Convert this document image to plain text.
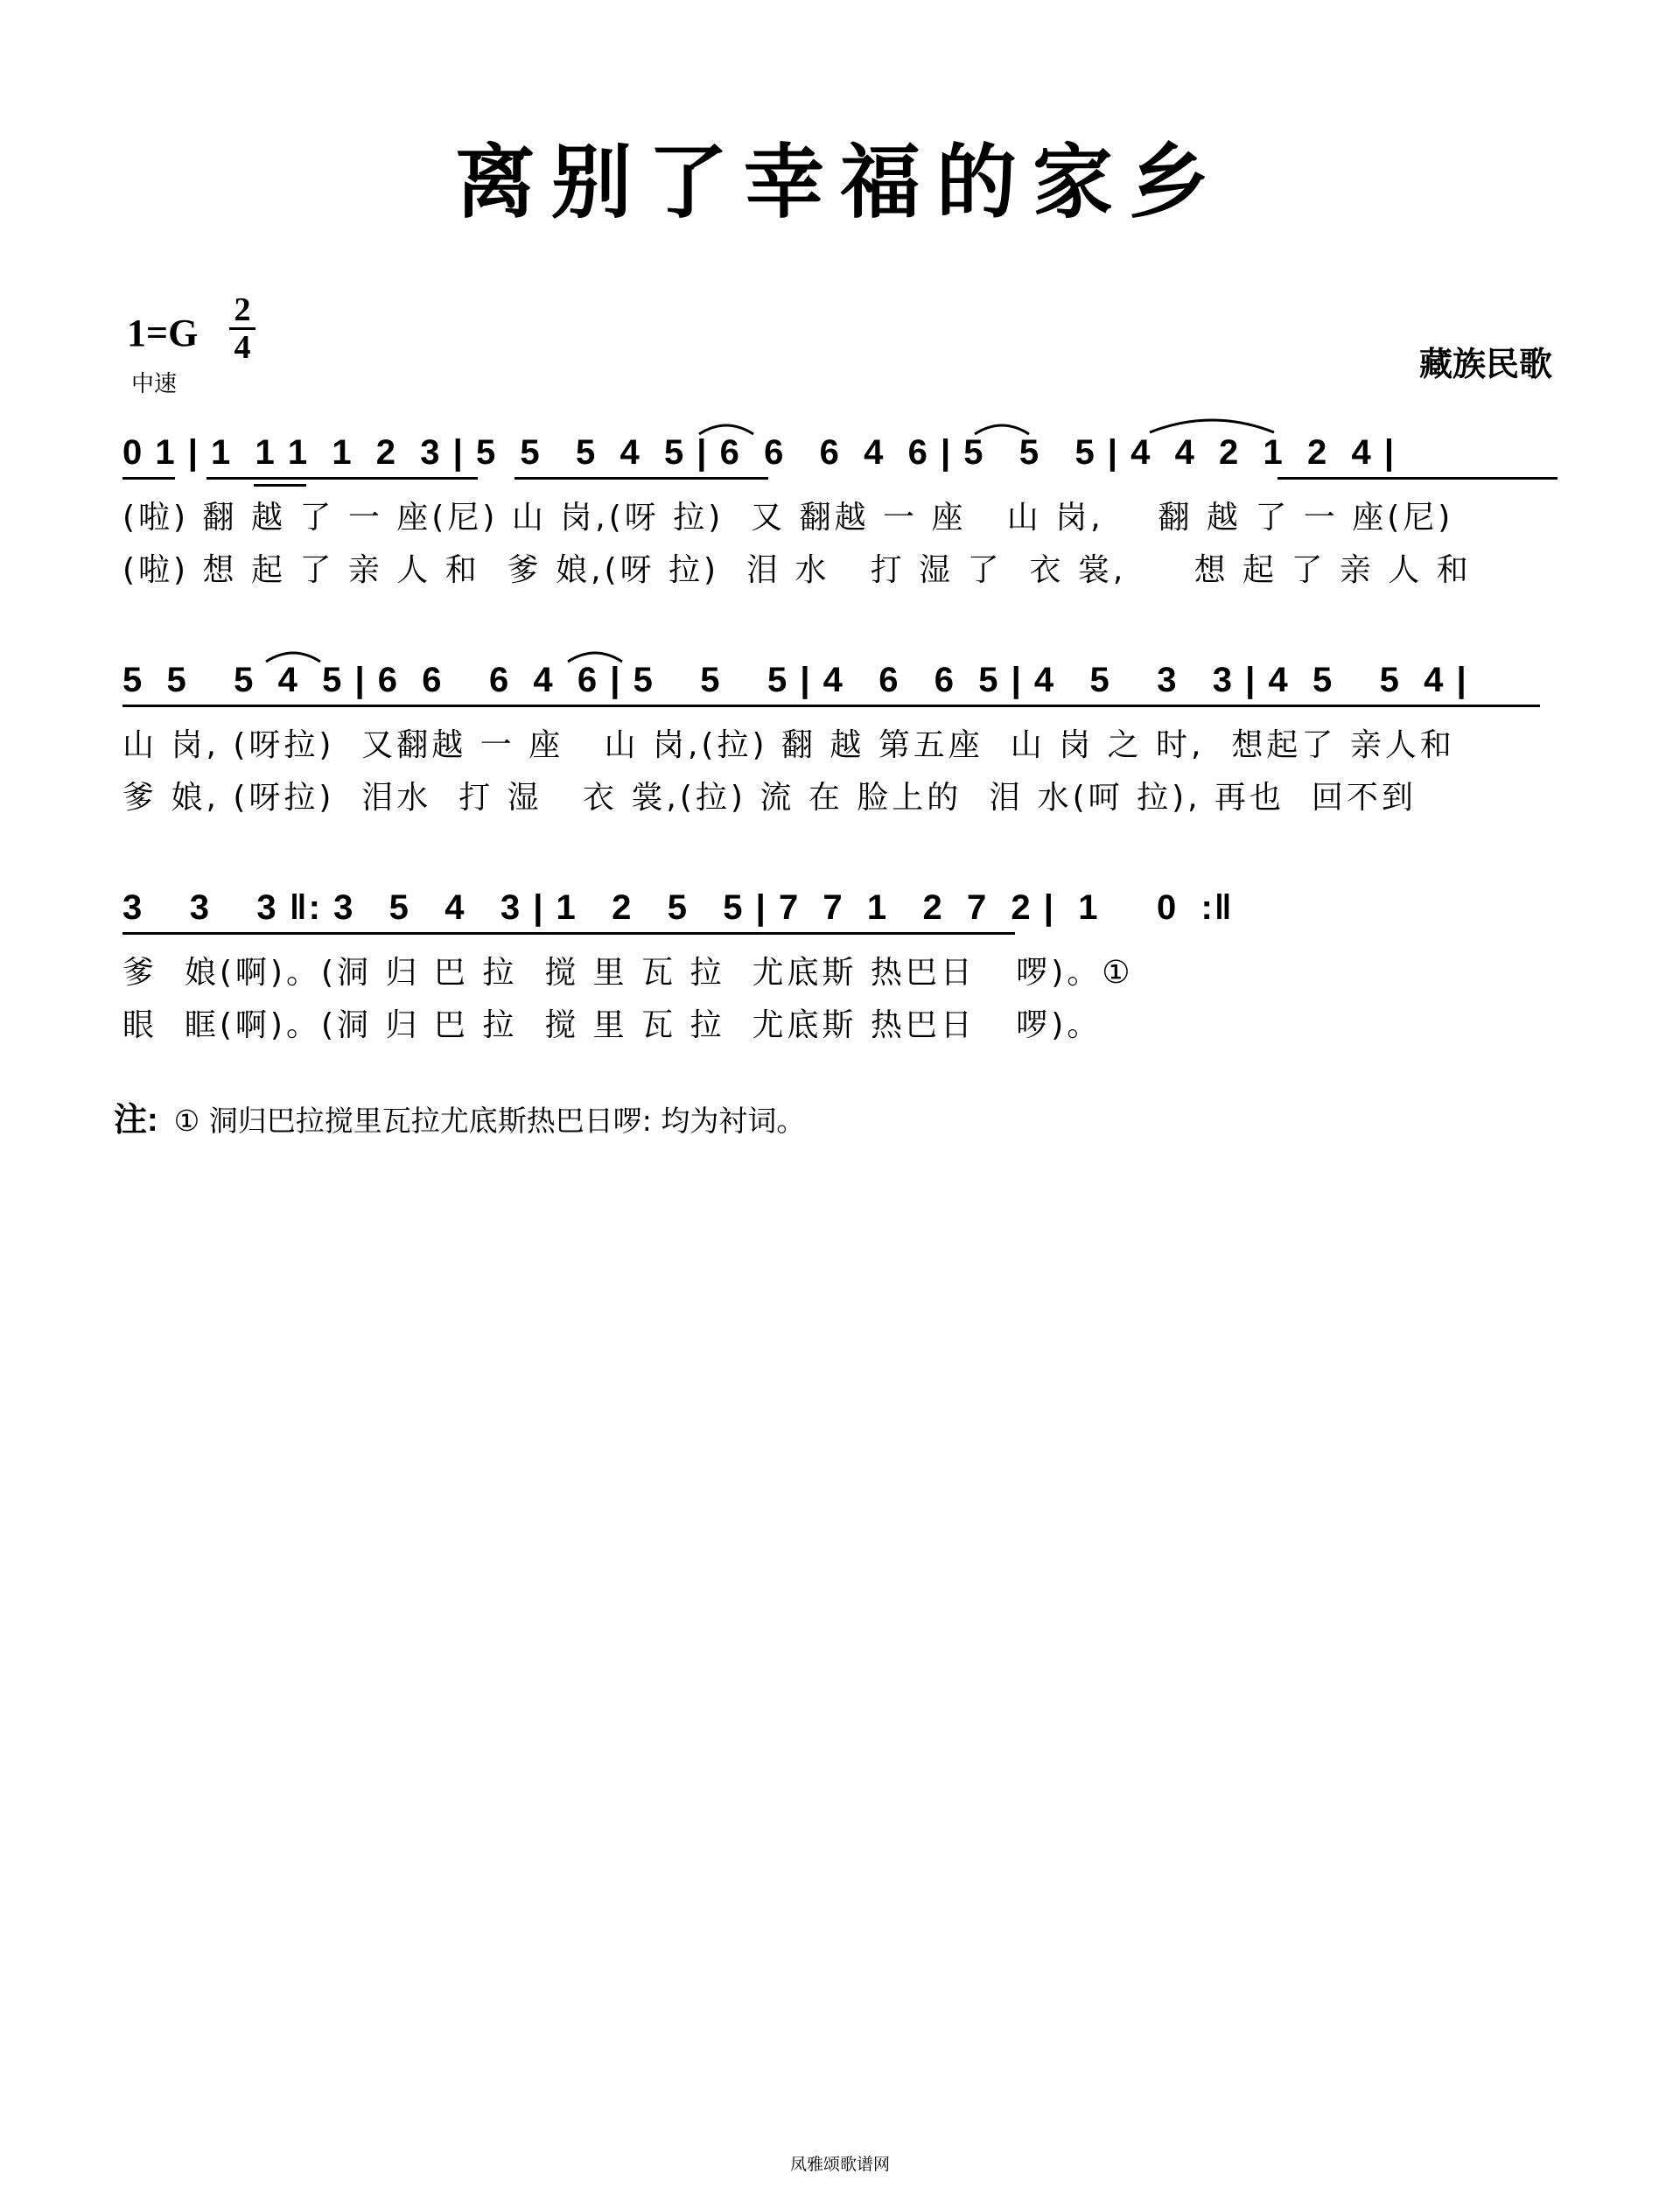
离别了幸福的家乡
1=G
2
4
中速
藏族民歌
0 1 | 1  1 1  1  2  3 | 5  5   5  4  5 | 6  6   6  4  6 | 5   5   5 | 4  4  2  1  2  4 |
(啦) 翻 越 了 一 座(尼) 山 岗,(呀 拉)  又 翻越 一 座   山 岗,    翻 越 了 一 座(尼)
(啦) 想 起 了 亲 人 和  爹 娘,(呀 拉)  泪 水   打 湿 了  衣 裳,     想 起 了 亲 人 和
5  5    5  4  5 | 6  6    6  4  6 | 5    5    5 | 4   6   6  5 | 4   5    3   3 | 4  5    5  4 |
山 岗, (呀拉)  又翻越 一 座   山 岗,(拉) 翻 越 第五座  山 岗 之 时,  想起了 亲人和
爹 娘, (呀拉)  泪水  打 湿   衣 裳,(拉) 流 在 脸上的  泪 水(呵 拉), 再也  回不到
3    3    3 ‖: 3   5   4   3 | 1   2   5   5 | 7  7  1   2  7  2 |  1     0  :‖
爹  娘(啊)。(洞 归 巴 拉  搅 里 瓦 拉  尤底斯 热巴日   啰)。①
眼  眶(啊)。(洞 归 巴 拉  搅 里 瓦 拉  尤底斯 热巴日   啰)。
注: ① 洞归巴拉搅里瓦拉尤底斯热巴日啰: 均为衬词。
凤雅颂歌谱网
